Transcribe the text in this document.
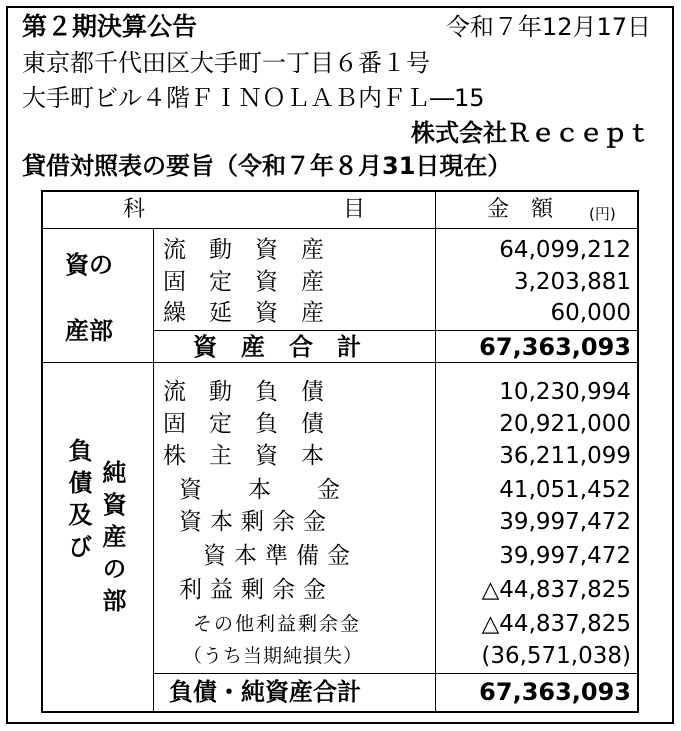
第２期決算公告	令和７年12月17日
東京都千代田区大手町一丁目６番１号
大手町ビル４階ＦＩＮＯＬＡＢ内ＦＬ―15
株式会社Ｒｅｃｅｐｔ
貸借対照表の要旨（令和７年８月31日現在）
科	目	金　額 (円)
資の
産部
流　動　資　産	64,099,212
固　定　資　産	3,203,881
繰　延　資　産	60,000
資　産　合　計	67,363,093
負債及び 純資産の部
流　動　負　債	10,230,994
固　定　負　債	20,921,000
株　主　資　本	36,211,099
資　　本　　金	41,051,452
資本剰余金	39,997,472
資本準備金	39,997,472
利益剰余金	△44,837,825
その他利益剰余金	△44,837,825
（うち当期純損失）	(36,571,038)
負債・純資産合計	67,363,093
